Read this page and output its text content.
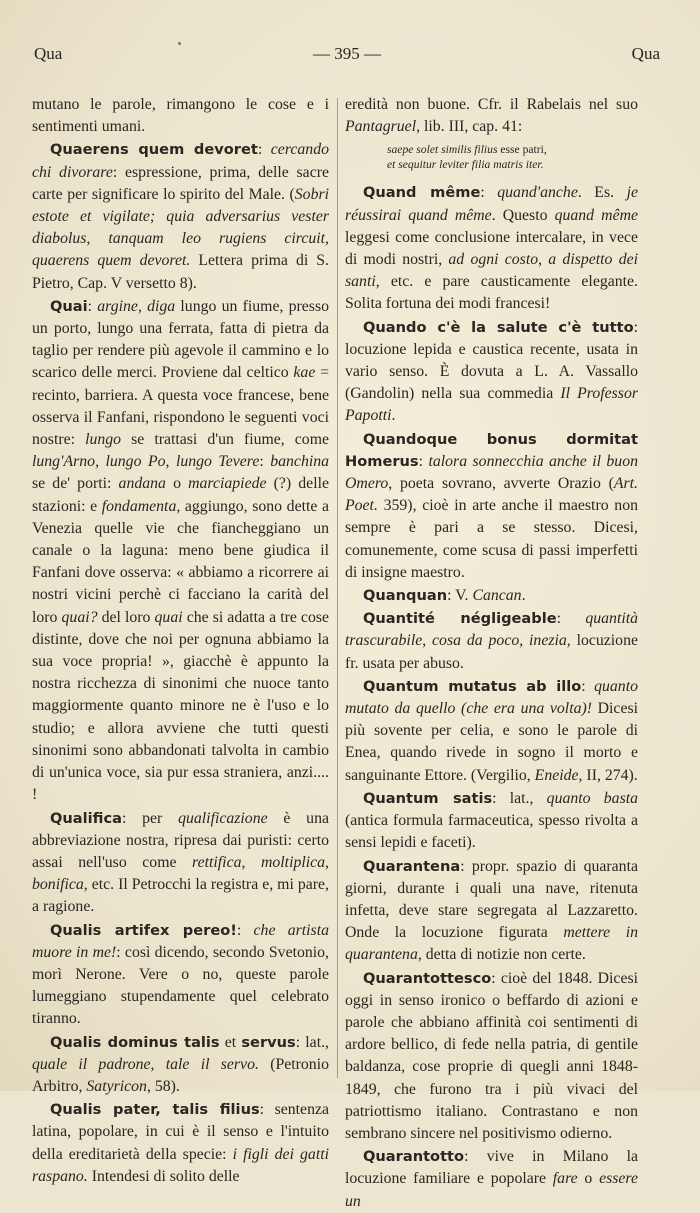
Qua	— 395 —	Qua

mutano le parole, rimangono le cose e i sentimenti umani.

Quaerens quem devoret: cercando chi divorare: espressione, prima, delle sacre carte per significare lo spirito del Male. (Sobri estote et vigilate; quia adversarius vester diabolus, tanquam leo rugiens circuit, quaerens quem devoret. Lettera prima di S. Pietro, Cap. V versetto 8).

Quai: argine, diga lungo un fiume, presso un porto, lungo una ferrata, fatta di pietra da taglio per rendere più agevole il cammino e lo scarico delle merci. Proviene dal celtico kae = recinto, barriera. A questa voce francese, bene osserva il Fanfani, rispondono le seguenti voci nostre: lungo se trattasi d'un fiume, come lung'Arno, lungo Po, lungo Tevere: banchina se de' porti: andana o marciapiede (?) delle stazioni: e fondamenta, aggiungo, sono dette a Venezia quelle vie che fiancheggiano un canale o la laguna: meno bene giudica il Fanfani dove osserva: « abbiamo a ricorrere ai nostri vicini perchè ci facciano la carità del loro quai? del loro quai che si adatta a tre cose distinte, dove che noi per ognuna abbiamo la sua voce propria! », giacchè è appunto la nostra ricchezza di sinonimi che nuoce tanto maggiormente quanto minore ne è l'uso e lo studio; e allora avviene che tutti questi sinonimi sono abbandonati talvolta in cambio di un'unica voce, sia pur essa straniera, anzi.... !

Qualifica: per qualificazione è una abbreviazione nostra, ripresa dai puristi: certo assai nell'uso come rettifica, moltiplica, bonifica, etc. Il Petrocchi la registra e, mi pare, a ragione.

Qualis artifex pereo!: che artista muore in me!: così dicendo, secondo Svetonio, morì Nerone. Vere o no, queste parole lumeggiano stupendamente quel celebrato tiranno.

Qualis dominus talis et servus: lat., quale il padrone, tale il servo. (Petronio Arbitro, Satyricon, 58).

Qualis pater, talis filius: sentenza latina, popolare, in cui è il senso e l'intuito della ereditarietà della specie: i figli dei gatti raspano. Intendesi di solito delle

eredità non buone. Cfr. il Rabelais nel suo Pantagruel, lib. III, cap. 41:

saepe solet similis filius esse patri,
et sequitur leviter filia matris iter.

Quand même: quand'anche. Es. je réussirai quand même. Questo quand même leggesi come conclusione intercalare, in vece di modi nostri, ad ogni costo, a dispetto dei santi, etc. e pare causticamente elegante. Solita fortuna dei modi francesi!

Quando c'è la salute c'è tutto: locuzione lepida e caustica recente, usata in vario senso. È dovuta a L. A. Vassallo (Gandolin) nella sua commedia Il Professor Papotti.

Quandoque bonus dormitat Homerus: talora sonnecchia anche il buon Omero, poeta sovrano, avverte Orazio (Art. Poet. 359), cioè in arte anche il maestro non sempre è pari a se stesso. Dicesi, comunemente, come scusa di passi imperfetti di insigne maestro.

Quanquan: V. Cancan.

Quantité négligeable: quantità trascurabile, cosa da poco, inezia, locuzione fr. usata per abuso.

Quantum mutatus ab illo: quanto mutato da quello (che era una volta)! Dicesi più sovente per celia, e sono le parole di Enea, quando rivede in sogno il morto e sanguinante Ettore. (Vergilio, Eneide, II, 274).

Quantum satis: lat., quanto basta (antica formula farmaceutica, spesso rivolta a sensi lepidi e faceti).

Quarantena: propr. spazio di quaranta giorni, durante i quali una nave, ritenuta infetta, deve stare segregata al Lazzaretto. Onde la locuzione figurata mettere in quarantena, detta di notizie non certe.

Quarantottesco: cioè del 1848. Dicesi oggi in senso ironico o beffardo di azioni e parole che abbiano affinità coi sentimenti di ardore bellico, di fede nella patria, di gentile baldanza, cose proprie di quegli anni 1848-1849, che furono tra i più vivaci del patriottismo italiano. Contrastano e non sembrano sincere nel positivismo odierno.

Quarantotto: vive in Milano la locuzione familiare e popolare fare o essere un
